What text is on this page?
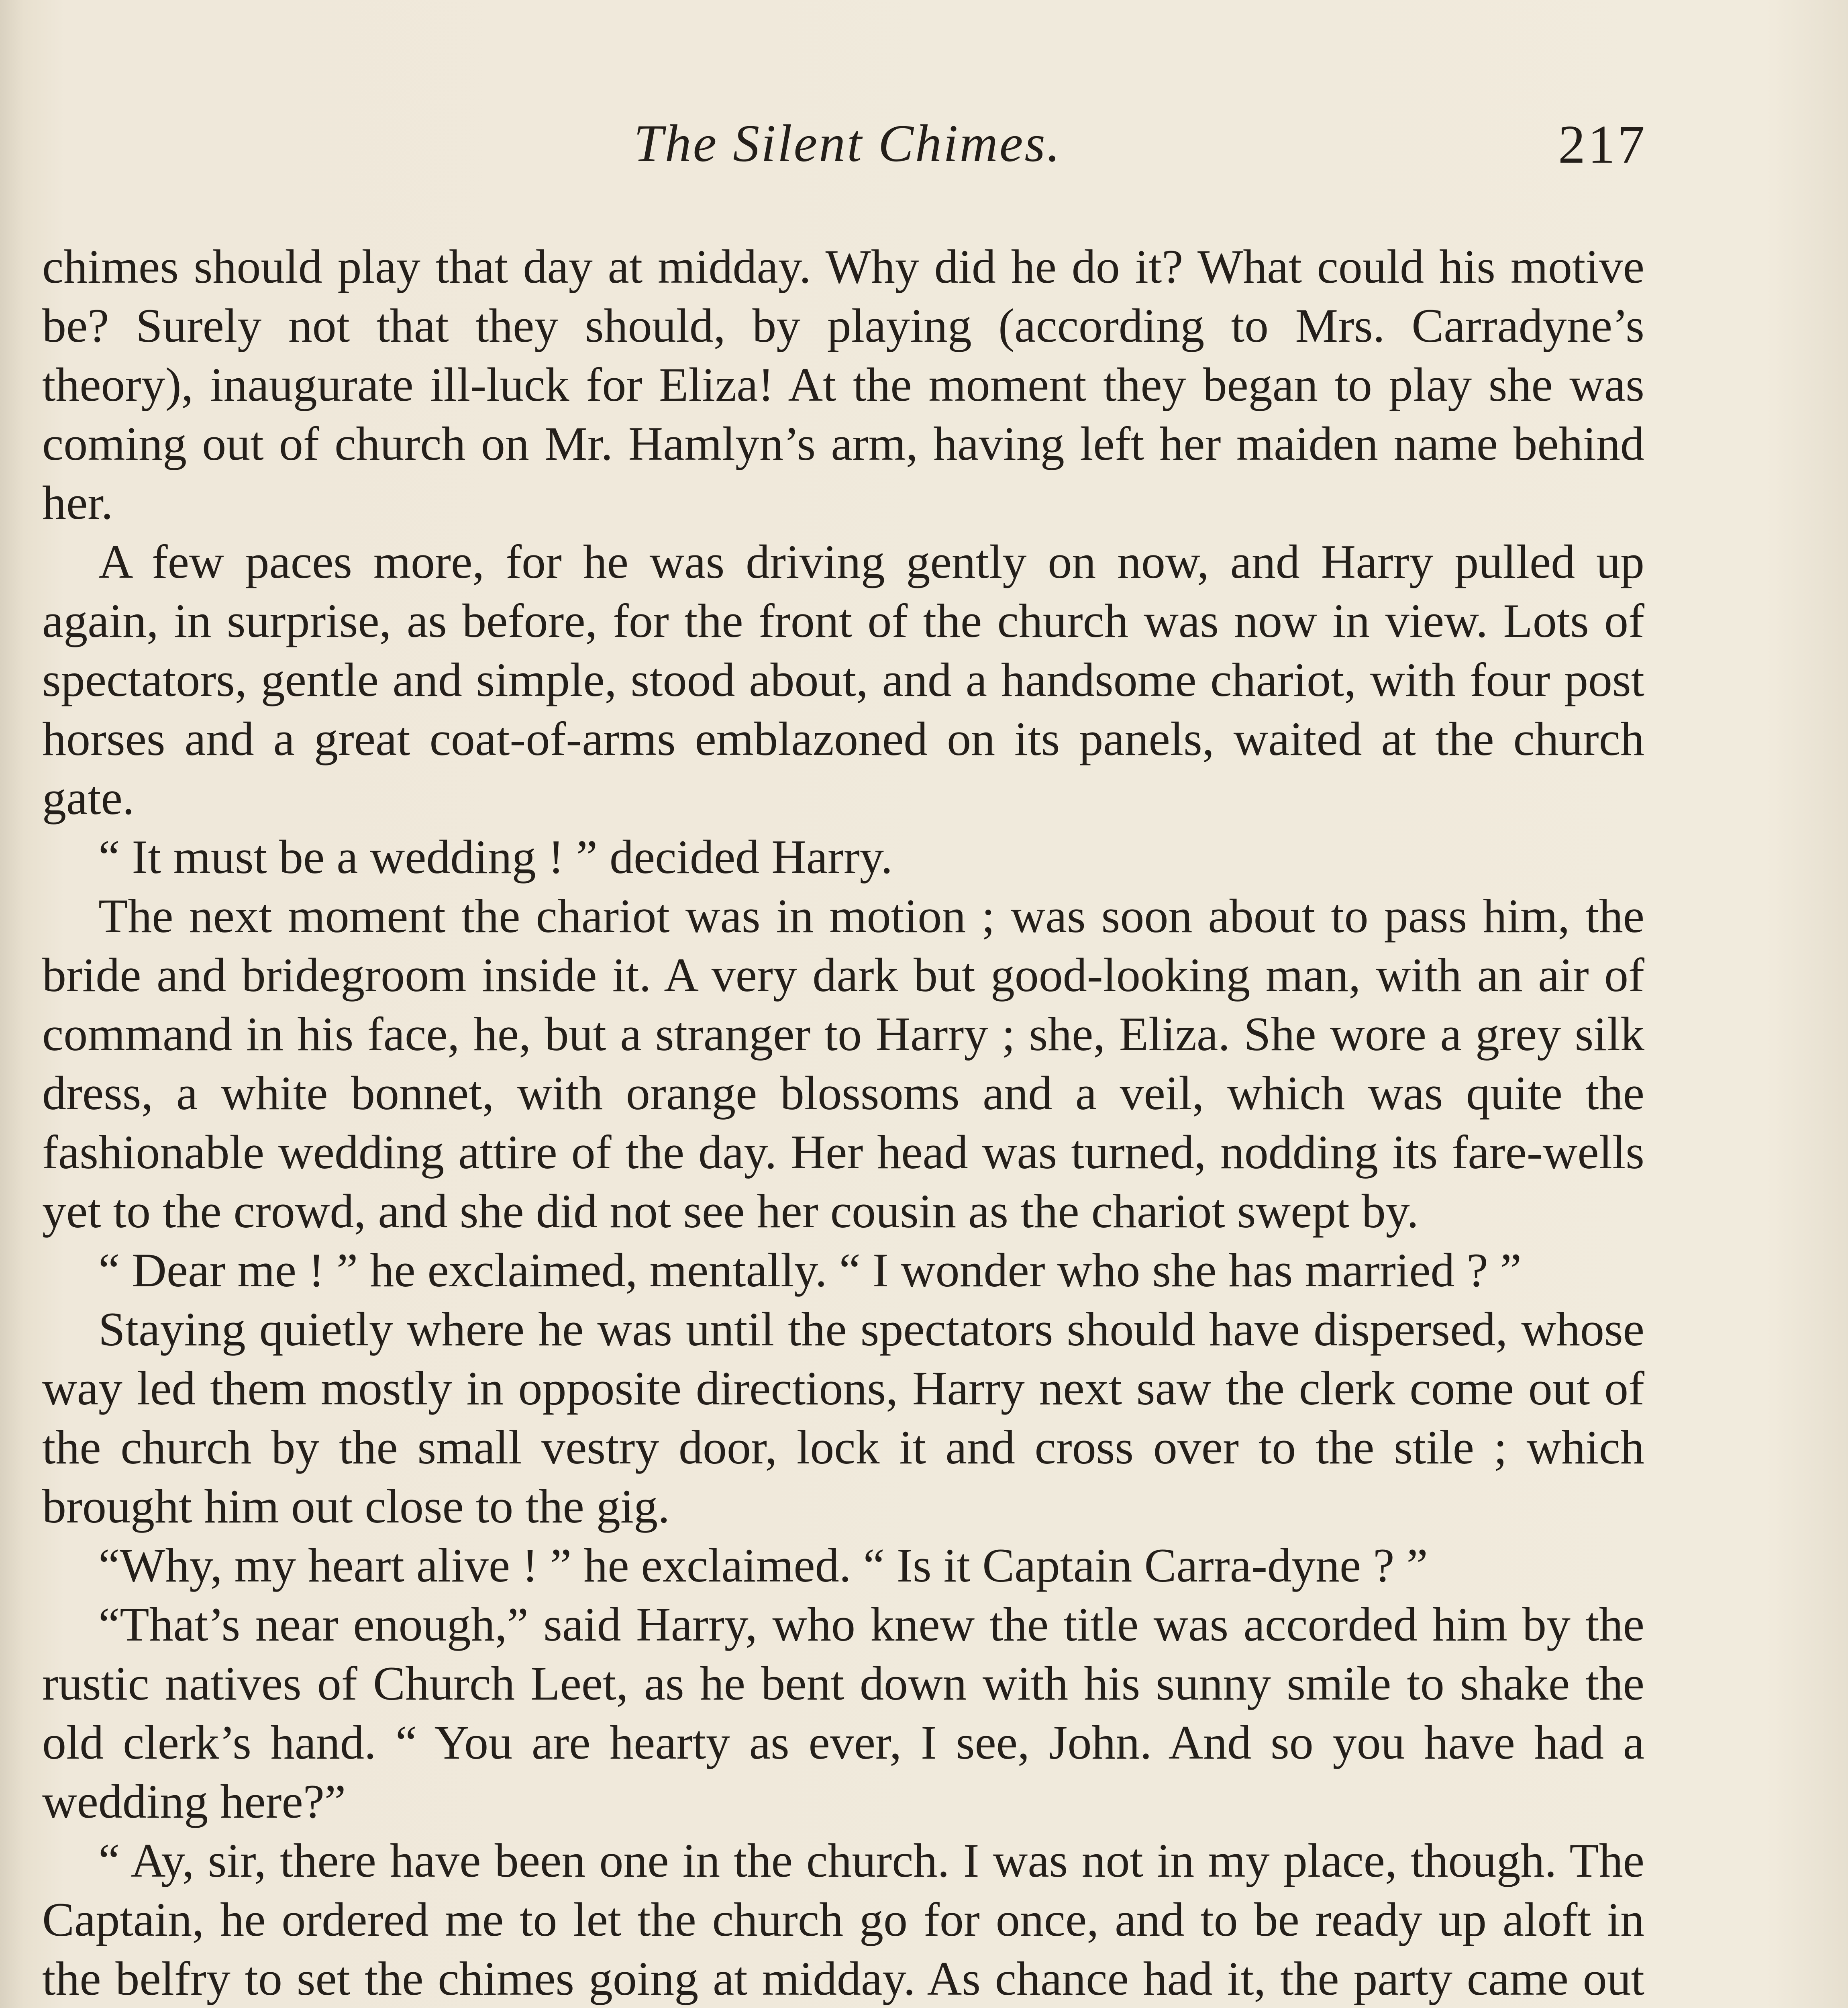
The Silent Chimes.	217

chimes should play that day at midday. Why did he do it? What could his motive be? Surely not that they should, by playing (according to Mrs. Carradyne’s theory), inaugurate ill-luck for Eliza! At the moment they began to play she was coming out of church on Mr. Hamlyn’s arm, having left her maiden name behind her.

A few paces more, for he was driving gently on now, and Harry pulled up again, in surprise, as before, for the front of the church was now in view. Lots of spectators, gentle and simple, stood about, and a handsome chariot, with four post horses and a great coat-of-arms emblazoned on its panels, waited at the church gate.

“ It must be a wedding ! ” decided Harry.

The next moment the chariot was in motion ; was soon about to pass him, the bride and bridegroom inside it. A very dark but good-looking man, with an air of command in his face, he, but a stranger to Harry ; she, Eliza. She wore a grey silk dress, a white bonnet, with orange blossoms and a veil, which was quite the fashionable wedding attire of the day. Her head was turned, nodding its fare-wells yet to the crowd, and she did not see her cousin as the chariot swept by.

“ Dear me ! ” he exclaimed, mentally. “ I wonder who she has married ? ”

Staying quietly where he was until the spectators should have dispersed, whose way led them mostly in opposite directions, Harry next saw the clerk come out of the church by the small vestry door, lock it and cross over to the stile ; which brought him out close to the gig.

“Why, my heart alive ! ” he exclaimed. “ Is it Captain Carra-dyne ? ”

“That’s near enough,” said Harry, who knew the title was accorded him by the rustic natives of Church Leet, as he bent down with his sunny smile to shake the old clerk’s hand. “ You are hearty as ever, I see, John. And so you have had a wedding here?”

“ Ay, sir, there have been one in the church. I was not in my place, though. The Captain, he ordered me to let the church go for once, and to be ready up aloft in the belfry to set the chimes going at midday. As chance had it, the party came out
